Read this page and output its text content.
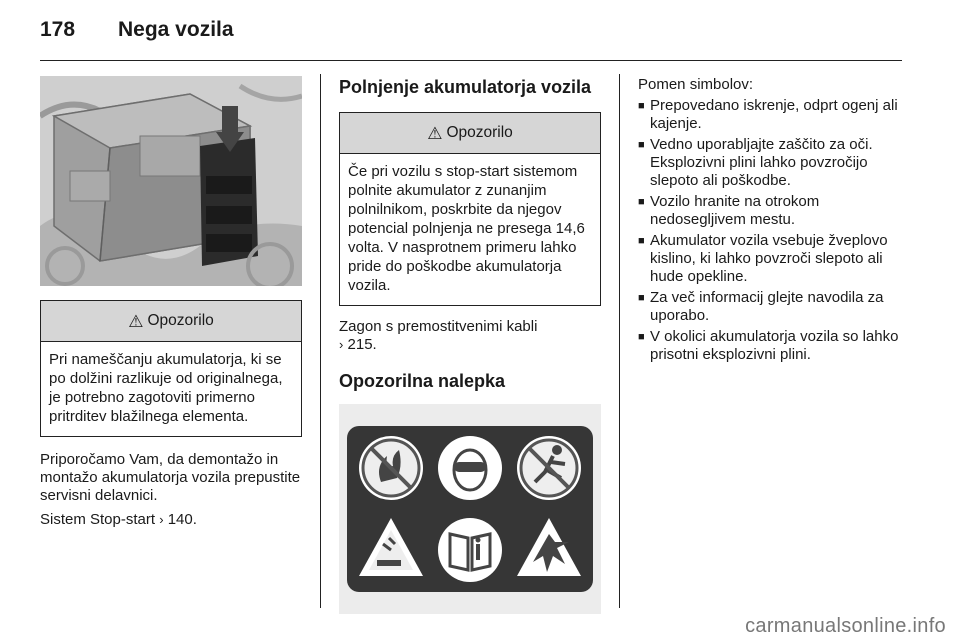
178 Nega vozila
⚠ Opozorilo
Pri nameščanju akumulatorja, ki se po dolžini razlikuje od originalnega, je potrebno zagotoviti primerno pritrditev blažilnega elementa.

Priporočamo Vam, da demontažo in montažo akumulatorja vozila prepustite servisni delavnici.

Sistem Stop-start › 140.

Polnjenje akumulatorja vozila
⚠ Opozorilo
Če pri vozilu s stop-start sistemom polnite akumulator z zunanjim polnilnikom, poskrbite da njegov potencial polnjenja ne presega 14,6 volta. V nasprotnem primeru lahko pride do poškodbe akumulatorja vozila.

Zagon s premostitvenimi kabli
› 215.

Opozorilna nalepka

Pomen simbolov:

■ Prepovedano iskrenje, odprt ogenj ali kajenje.
■ Vedno uporabljajte zaščito za oči. Eksplozivni plini lahko povzročijo slepoto ali poškodbe.
■ Vozilo hranite na otrokom nedosegljivem mestu.
■ Akumulator vozila vsebuje žveplovo kislino, ki lahko povzroči slepoto ali hude opekline.
■ Za več informacij glejte navodila za uporabo.
■ V okolici akumulatorja vozila so lahko prisotni eksplozivni plini.
carmanualsonline.info
